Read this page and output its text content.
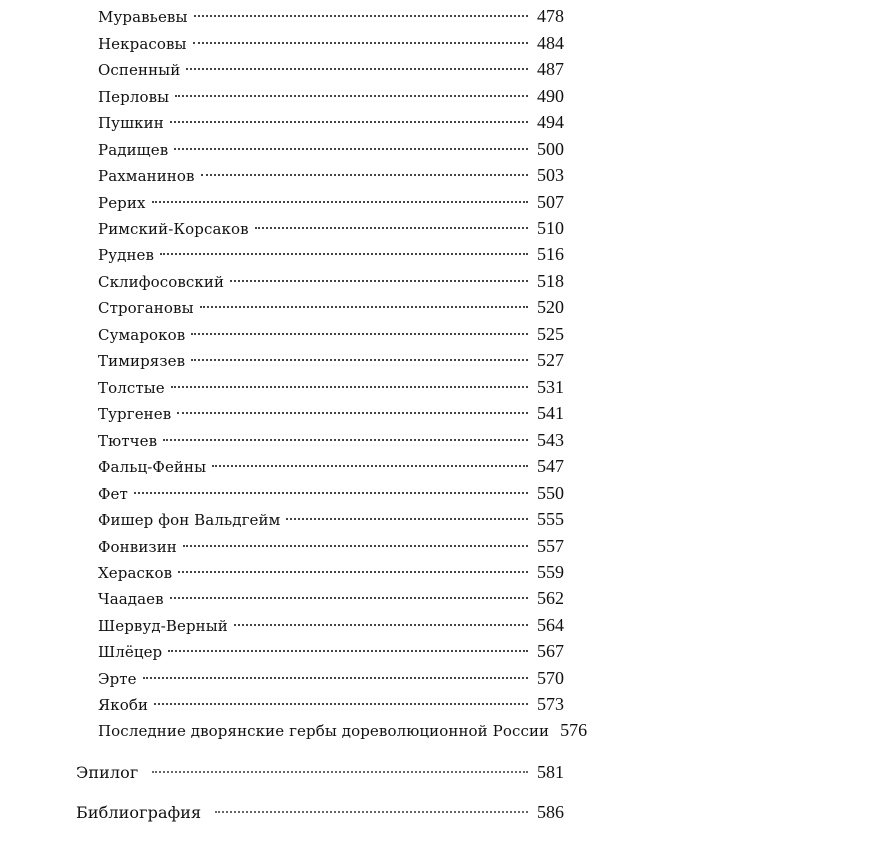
Муравьевы	478
Некрасовы	484
Оспенный	487
Перловы	490
Пушкин	494
Радищев	500
Рахманинов	503
Рерих	507
Римский-Корсаков	510
Руднев	516
Склифосовский	518
Строгановы	520
Сумароков	525
Тимирязев	527
Толстые	531
Тургенев	541
Тютчев	543
Фальц-Фейны	547
Фет	550
Фишер фон Вальдгейм	555
Фонвизин	557
Херасков	559
Чаадаев	562
Шервуд-Верный	564
Шлёцер	567
Эрте	570
Якоби	573
Последние дворянские гербы дореволюционной России 576
Эпилог	581
Библиография	586
